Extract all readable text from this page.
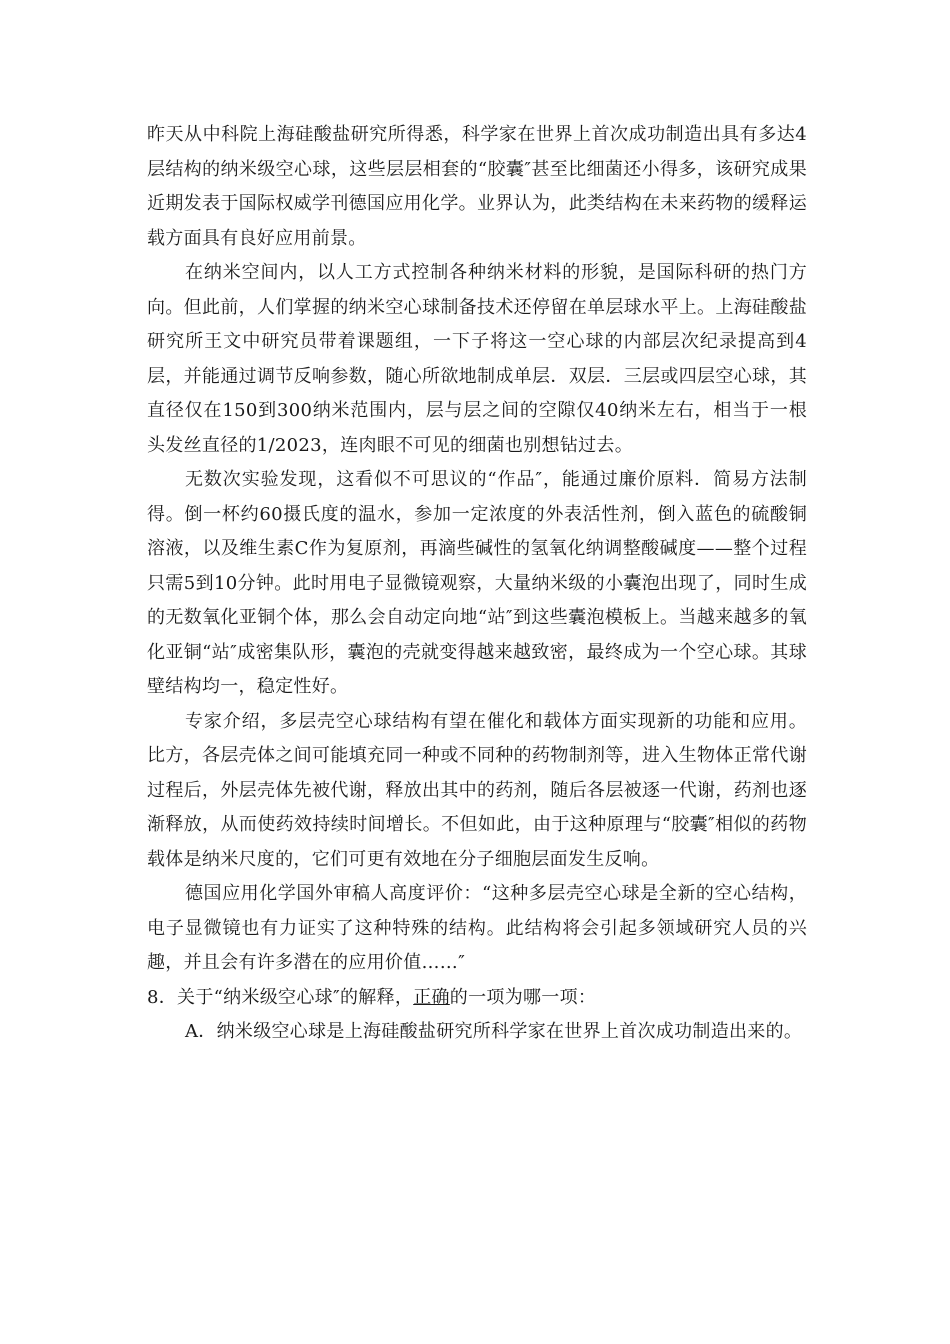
昨天从中科院上海硅酸盐研究所得悉，科学家在世界上首次成功制造出具有多达4层结构的纳米级空心球，这些层层相套的“胶囊″甚至比细菌还小得多，该研究成果近期发表于国际权威学刊德国应用化学。业界认为，此类结构在未来药物的缓释运载方面具有良好应用前景。

在纳米空间内，以人工方式控制各种纳米材料的形貌，是国际科研的热门方向。但此前，人们掌握的纳米空心球制备技术还停留在单层球水平上。上海硅酸盐研究所王文中研究员带着课题组，一下子将这一空心球的内部层次纪录提高到4层，并能通过调节反响参数，随心所欲地制成单层．双层．三层或四层空心球，其直径仅在150到300纳米范围内，层与层之间的空隙仅40纳米左右，相当于一根头发丝直径的1/2023，连肉眼不可见的细菌也别想钻过去。

无数次实验发现，这看似不可思议的“作品″，能通过廉价原料．简易方法制得。倒一杯约60摄氏度的温水，参加一定浓度的外表活性剂，倒入蓝色的硫酸铜溶液，以及维生素C作为复原剂，再滴些碱性的氢氧化纳调整酸碱度——整个过程只需5到10分钟。此时用电子显微镜观察，大量纳米级的小囊泡出现了，同时生成的无数氧化亚铜个体，那么会自动定向地“站″到这些囊泡模板上。当越来越多的氧化亚铜“站″成密集队形，囊泡的壳就变得越来越致密，最终成为一个空心球。其球壁结构均一，稳定性好。

专家介绍，多层壳空心球结构有望在催化和载体方面实现新的功能和应用。比方，各层壳体之间可能填充同一种或不同种的药物制剂等，进入生物体正常代谢过程后，外层壳体先被代谢，释放出其中的药剂，随后各层被逐一代谢，药剂也逐渐释放，从而使药效持续时间增长。不但如此，由于这种原理与“胶囊″相似的药物载体是纳米尺度的，它们可更有效地在分子细胞层面发生反响。

德国应用化学国外审稿人高度评价：“这种多层壳空心球是全新的空心结构，电子显微镜也有力证实了这种特殊的结构。此结构将会引起多领域研究人员的兴趣，并且会有许多潜在的应用价值……″

8．关于“纳米级空心球″的解释，正确的一项为哪一项：

A．纳米级空心球是上海硅酸盐研究所科学家在世界上首次成功制造出来的。
